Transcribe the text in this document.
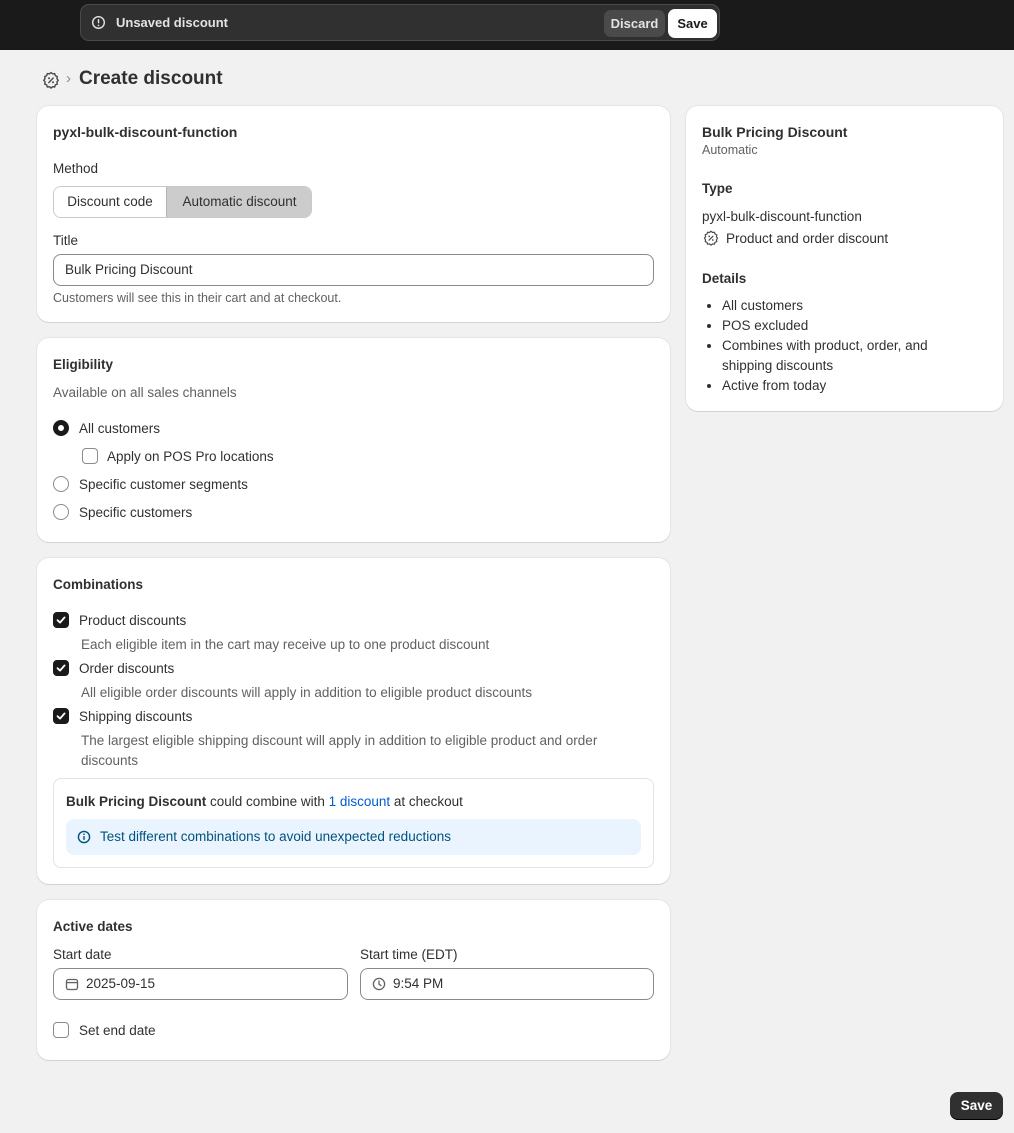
Unsaved discount	Discard	Save
› Create discount
pyxl-bulk-discount-function
Method
Discount code	Automatic discount
Title
Bulk Pricing Discount
Customers will see this in their cart and at checkout.
Eligibility
Available on all sales channels
All customers
Apply on POS Pro locations
Specific customer segments
Specific customers
Combinations
Product discounts
Each eligible item in the cart may receive up to one product discount
Order discounts
All eligible order discounts will apply in addition to eligible product discounts
Shipping discounts
The largest eligible shipping discount will apply in addition to eligible product and order
discounts
Bulk Pricing Discount could combine with 1 discount at checkout
Test different combinations to avoid unexpected reductions
Active dates
Start date	Start time (EDT)
2025-09-15	9:54 PM
Set end date
Bulk Pricing Discount
Automatic
Type
pyxl-bulk-discount-function
Product and order discount
Details
• All customers
• POS excluded
• Combines with product, order, and
shipping discounts
• Active from today
Save
